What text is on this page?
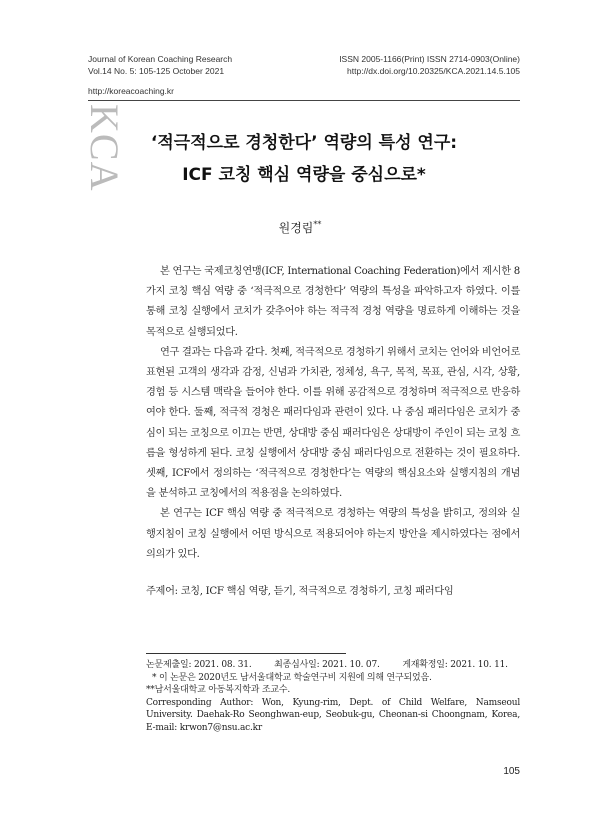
Journal of Korean Coaching Research
Vol.14 No. 5: 105-125 October 2021
ISSN 2005-1166(Print) ISSN 2714-0903(Online)
http://dx.doi.org/10.20325/KCA.2021.14.5.105
http://koreacoaching.kr
KCA	‘적극적으로 경청한다’ 역량의 특성 연구:
ICF 코칭 핵심 역량을 중심으로*
원경림**

본 연구는 국제코칭연맹(ICF, International Coaching Federation)에서 제시한 8가지 코칭 핵심 역량 중 ‘적극적으로 경청한다’ 역량의 특성을 파악하고자 하였다. 이를 통해 코칭 실행에서 코치가 갖추어야 하는 적극적 경청 역량을 명료하게 이해하는 것을 목적으로 실행되었다.

연구 결과는 다음과 같다. 첫째, 적극적으로 경청하기 위해서 코치는 언어와 비언어로 표현된 고객의 생각과 감정, 신념과 가치관, 정체성, 욕구, 목적, 목표, 관심, 시각, 상황, 경험 등 시스템 맥락을 들어야 한다. 이를 위해 공감적으로 경청하며 적극적으로 반응하여야 한다. 둘째, 적극적 경청은 패러다임과 관련이 있다. 나 중심 패러다임은 코치가 중심이 되는 코칭으로 이끄는 반면, 상대방 중심 패러다임은 상대방이 주인이 되는 코칭 흐름을 형성하게 된다. 코칭 실행에서 상대방 중심 패러다임으로 전환하는 것이 필요하다. 셋째, ICF에서 정의하는 ‘적극적으로 경청한다’는 역량의 핵심요소와 실행지침의 개념을 분석하고 코칭에서의 적용점을 논의하였다.

본 연구는 ICF 핵심 역량 중 적극적으로 경청하는 역량의 특성을 밝히고, 정의와 실행지침이 코칭 실행에서 어떤 방식으로 적용되어야 하는지 방안을 제시하였다는 점에서 의의가 있다.

주제어: 코칭, ICF 핵심 역량, 듣기, 적극적으로 경청하기, 코칭 패러다임
논문제출일: 2021. 08. 31.	최종심사일: 2021. 10. 07.	게재확정일: 2021. 10. 11.
* 이 논문은 2020년도 남서울대학교 학술연구비 지원에 의해 연구되었음.
**남서울대학교 아동복지학과 조교수.
Corresponding Author: Won, Kyung-rim, Dept. of Child Welfare, Namseoul University. Daehak-Ro Seonghwan-eup, Seobuk-gu, Cheonan-si Choongnam, Korea, E-mail: krwon7@nsu.ac.kr
105
